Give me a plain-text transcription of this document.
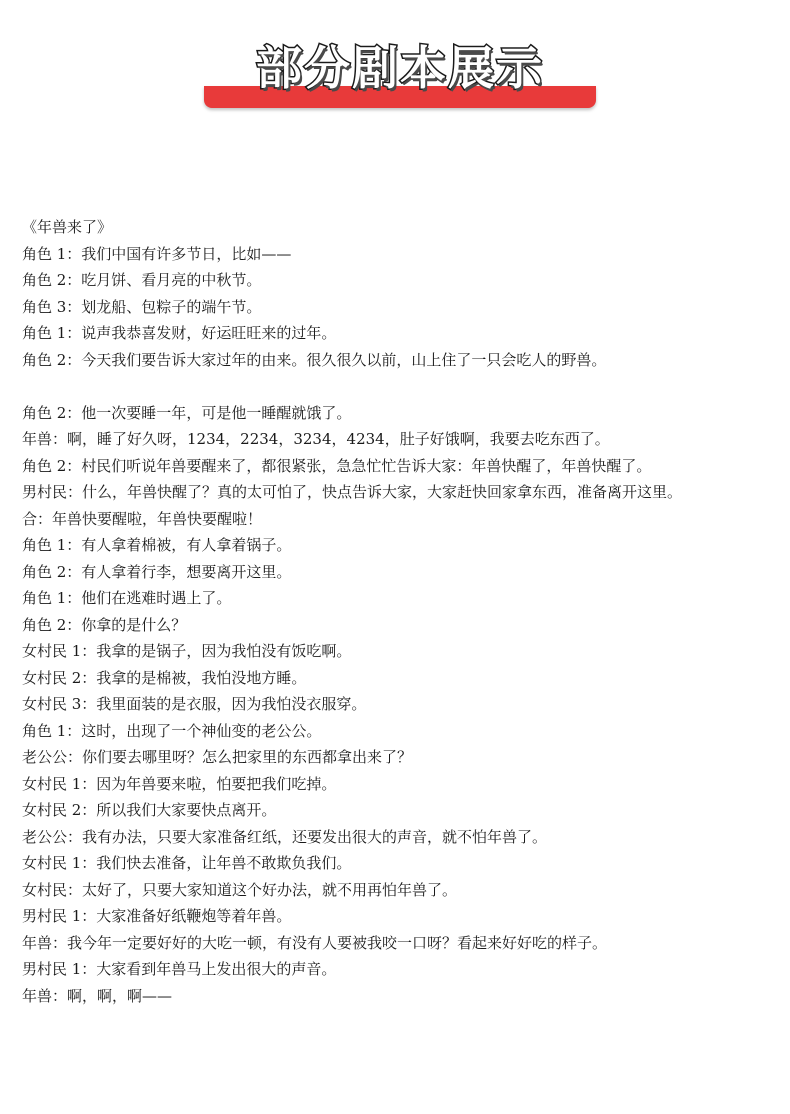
部分剧本展示

《年兽来了》

角色 1：我们中国有许多节日，比如——

角色 2：吃月饼、看月亮的中秋节。

角色 3：划龙船、包粽子的端午节。

角色 1：说声我恭喜发财，好运旺旺来的过年。

角色 2：今天我们要告诉大家过年的由来。很久很久以前，山上住了一只会吃人的野兽。

角色 2：他一次要睡一年，可是他一睡醒就饿了。

年兽：啊，睡了好久呀，1234，2234，3234，4234，肚子好饿啊，我要去吃东西了。

角色 2：村民们听说年兽要醒来了，都很紧张，急急忙忙告诉大家：年兽快醒了，年兽快醒了。

男村民：什么，年兽快醒了？真的太可怕了，快点告诉大家，大家赶快回家拿东西，准备离开这里。

合：年兽快要醒啦，年兽快要醒啦！

角色 1：有人拿着棉被，有人拿着锅子。

角色 2：有人拿着行李，想要离开这里。

角色 1：他们在逃难时遇上了。

角色 2：你拿的是什么？

女村民 1：我拿的是锅子，因为我怕没有饭吃啊。

女村民 2：我拿的是棉被，我怕没地方睡。

女村民 3：我里面装的是衣服，因为我怕没衣服穿。

角色 1：这时，出现了一个神仙变的老公公。

老公公：你们要去哪里呀？怎么把家里的东西都拿出来了？

女村民 1：因为年兽要来啦，怕要把我们吃掉。

女村民 2：所以我们大家要快点离开。

老公公：我有办法，只要大家准备红纸，还要发出很大的声音，就不怕年兽了。

女村民 1：我们快去准备，让年兽不敢欺负我们。

女村民：太好了，只要大家知道这个好办法，就不用再怕年兽了。

男村民 1：大家准备好纸鞭炮等着年兽。

年兽：我今年一定要好好的大吃一顿，有没有人要被我咬一口呀？看起来好好吃的样子。

男村民 1：大家看到年兽马上发出很大的声音。

年兽：啊，啊，啊——
